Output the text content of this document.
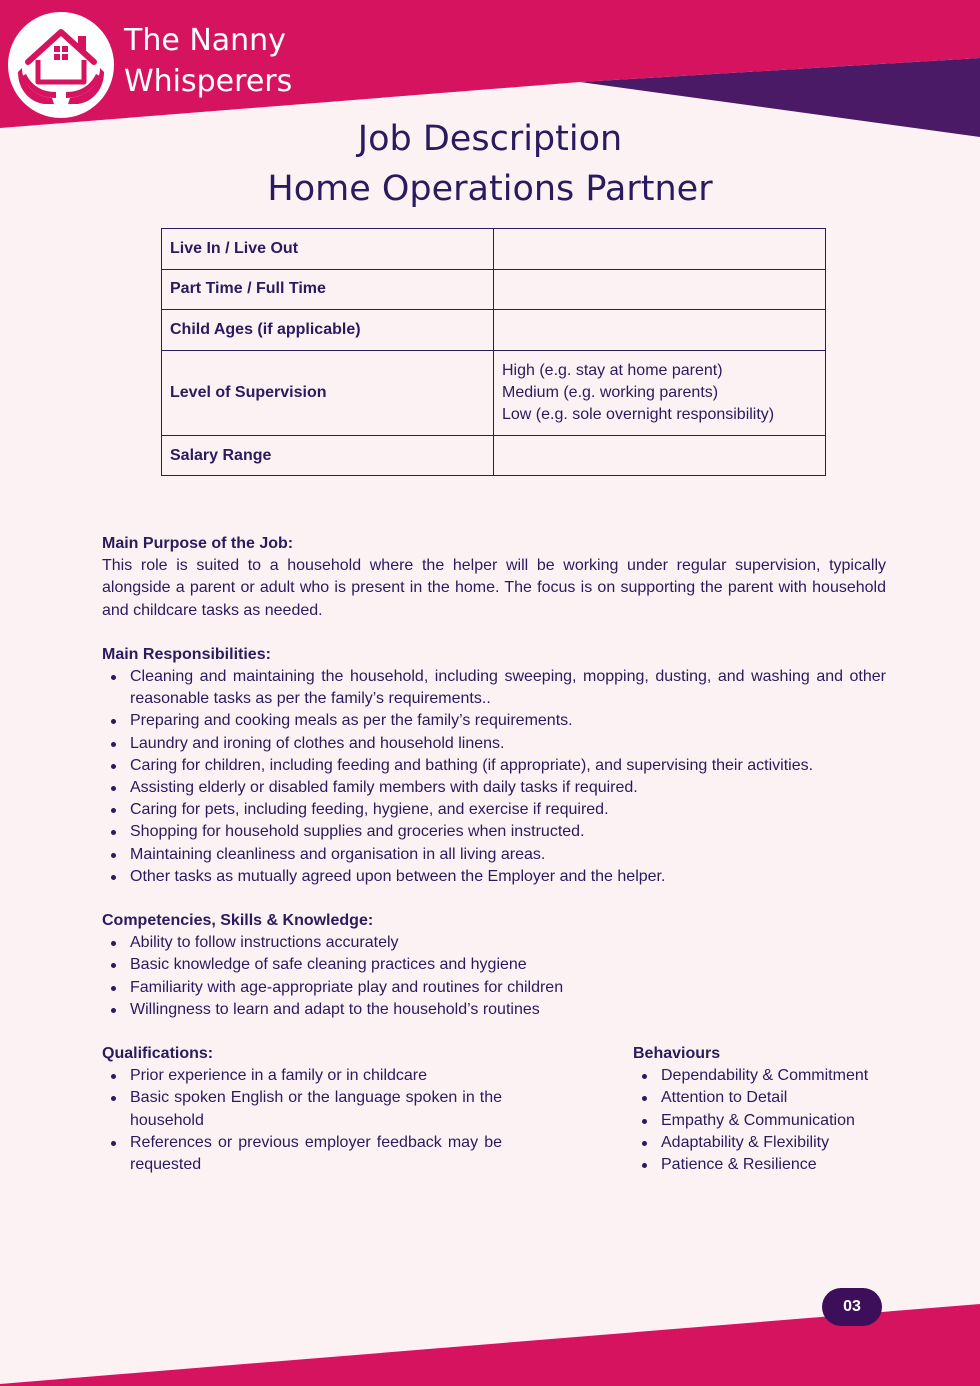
The Nanny
Whisperers
Job Description
Home Operations Partner
Live In / Live Out	
Part Time / Full Time	
Child Ages (if applicable)	
Level of Supervision	High (e.g. stay at home parent)
Medium (e.g. working parents)
Low (e.g. sole overnight responsibility)

Salary Range	
Main Purpose of the Job:

This role is suited to a household where the helper will be working under regular supervision, typically alongside a parent or adult who is present in the home. The focus is on supporting the parent with household and childcare tasks as needed.

Main Responsibilities:
Cleaning and maintaining the household, including sweeping, mopping, dusting, and washing and other reasonable tasks as per the family’s requirements..
Preparing and cooking meals as per the family’s requirements.
Laundry and ironing of clothes and household linens.
Caring for children, including feeding and bathing (if appropriate), and supervising their activities.
Assisting elderly or disabled family members with daily tasks if required.
Caring for pets, including feeding, hygiene, and exercise if required.
Shopping for household supplies and groceries when instructed.
Maintaining cleanliness and organisation in all living areas.
Other tasks as mutually agreed upon between the Employer and the helper.
Competencies, Skills & Knowledge:
Ability to follow instructions accurately
Basic knowledge of safe cleaning practices and hygiene
Familiarity with age-appropriate play and routines for children
Willingness to learn and adapt to the household’s routines
Qualifications:
Prior experience in a family or in childcare
Basic spoken English or the language spoken in the household
References or previous employer feedback may be requested
Behaviours
Dependability & Commitment
Attention to Detail
Empathy & Communication
Adaptability & Flexibility
Patience & Resilience
03
